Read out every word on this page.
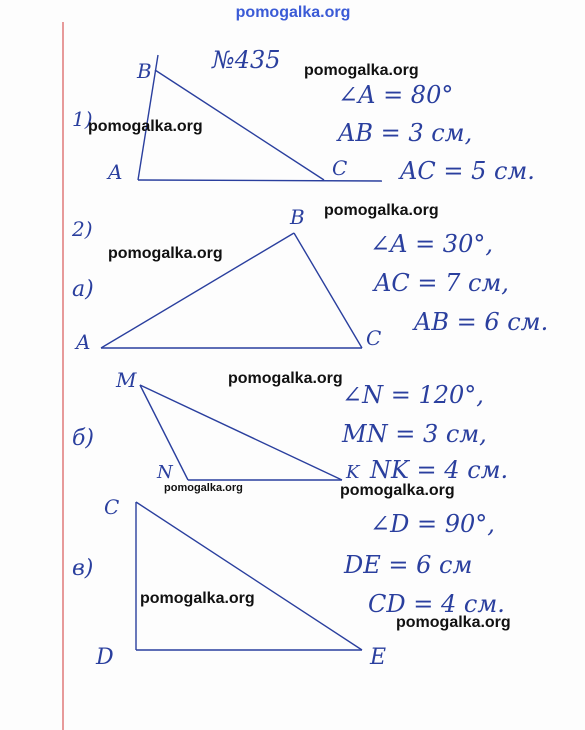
pomogalka.org
№435
1)
B
A	C
∠A = 80°
AB = 3 см,
AC = 5 см.
2)
а)
B
A	C
∠A = 30°,
AC = 7 см,
AB = 6 см.
б)
M
N	K
∠N = 120°,
MN = 3 см,
NK = 4 см.
в)
C
D	E
∠D = 90°,
DE = 6 см
CD = 4 см.
pomogalka.org
pomogalka.org
pomogalka.org
pomogalka.org
pomogalka.org
pomogalka.org	pomogalka.org
pomogalka.org
pomogalka.org
